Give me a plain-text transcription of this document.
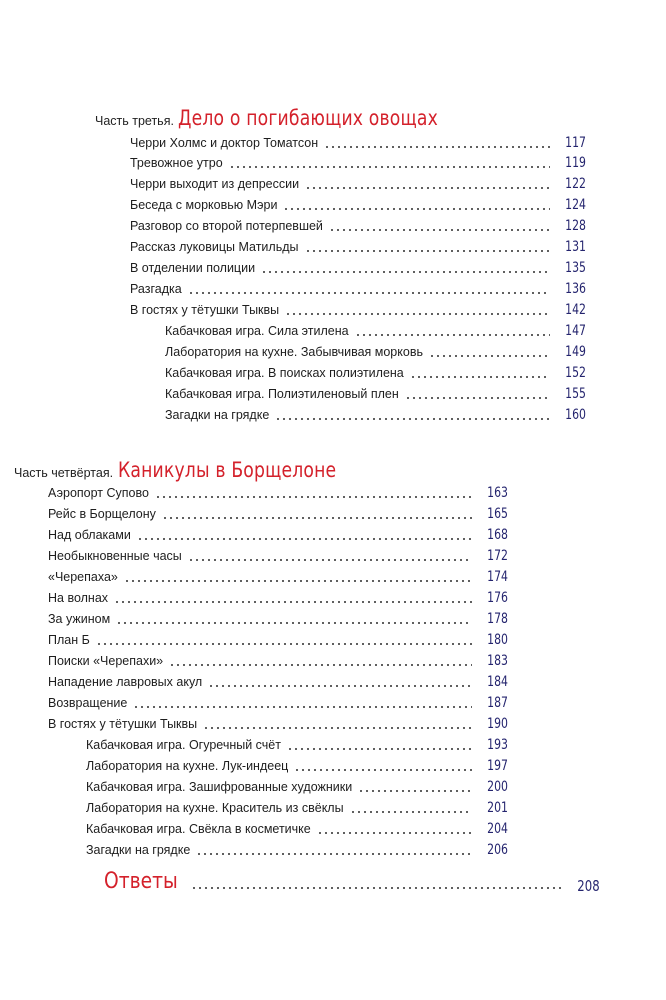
Часть третья. Дело о погибающих овощах
Черри Холмс и доктор Томатсон	117
Тревожное утро	119
Черри выходит из депрессии	122
Беседа с морковью Мэри	124
Разговор со второй потерпевшей	128
Рассказ луковицы Матильды	131
В отделении полиции	135
Разгадка	136
В гостях у тётушки Тыквы	142
Кабачковая игра. Сила этилена	147
Лаборатория на кухне. Забывчивая морковь	149
Кабачковая игра. В поисках полиэтилена	152
Кабачковая игра. Полиэтиленовый плен	155
Загадки на грядке	160
Часть четвёртая. Каникулы в Борщелоне
Аэропорт Супово	163
Рейс в Борщелону	165
Над облаками	168
Необыкновенные часы	172
«Черепаха»	174
На волнах	176
За ужином	178
План Б	180
Поиски «Черепахи»	183
Нападение лавровых акул	184
Возвращение	187
В гостях у тётушки Тыквы	190
Кабачковая игра. Огуречный счёт	193
Лаборатория на кухне. Лук-индеец	197
Кабачковая игра. Зашифрованные художники	200
Лаборатория на кухне. Краситель из свёклы	201
Кабачковая игра. Свёкла в косметичке	204
Загадки на грядке	206
Ответы	208
